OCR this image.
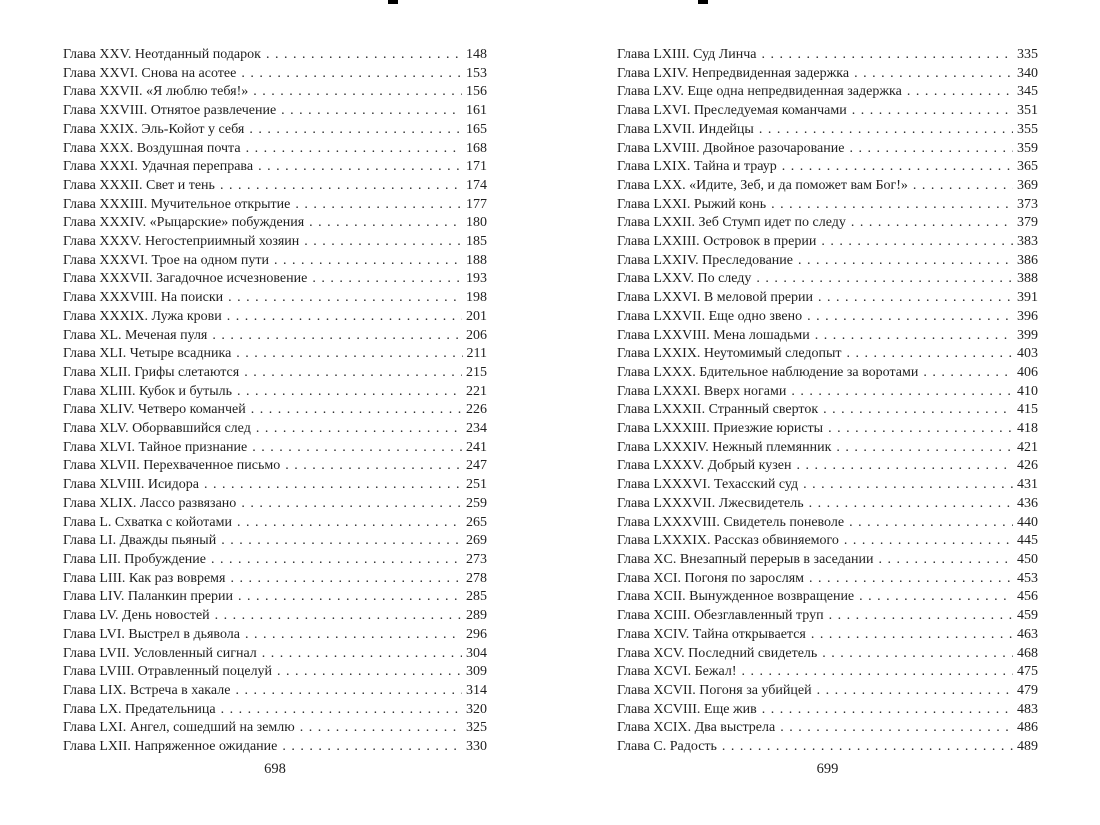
Глава XXV. Неотданный подарок . . .	148
Глава XXVI. Снова на асотее . . .	153
Глава XXVII. «Я люблю тебя!» . . .	156
Глава XXVIII. Отнятое развлечение . . .	161
Глава XXIX. Эль-Койот у себя . . .	165
Глава XXX. Воздушная почта . . .	168
Глава XXXI. Удачная переправа . . .	171
Глава XXXII. Свет и тень . . .	174
Глава XXXIII. Мучительное открытие . . .	177
Глава XXXIV. «Рыцарские» побуждения . . .	180
Глава XXXV. Негостеприимный хозяин . . .	185
Глава XXXVI. Трое на одном пути . . .	188
Глава XXXVII. Загадочное исчезновение . . .	193
Глава XXXVIII. На поиски . . .	198
Глава XXXIX. Лужа крови . . .	201
Глава XL. Меченая пуля . . .	206
Глава XLI. Четыре всадника . . .	211
Глава XLII. Грифы слетаются . . .	215
Глава XLIII. Кубок и бутыль . . .	221
Глава XLIV. Четверо команчей . . .	226
Глава XLV. Оборвавшийся след . . .	234
Глава XLVI. Тайное признание . . .	241
Глава XLVII. Перехваченное письмо . . .	247
Глава XLVIII. Исидора . . .	251
Глава XLIX. Лассо развязано . . .	259
Глава L. Схватка с койотами . . .	265
Глава LI. Дважды пьяный . . .	269
Глава LII. Пробуждение . . .	273
Глава LIII. Как раз вовремя . . .	278
Глава LIV. Паланкин прерии . . .	285
Глава LV. День новостей . . .	289
Глава LVI. Выстрел в дьявола . . .	296
Глава LVII. Условленный сигнал . . .	304
Глава LVIII. Отравленный поцелуй . . .	309
Глава LIX. Встреча в хакале . . .	314
Глава LX. Предательница . . .	320
Глава LXI. Ангел, сошедший на землю . . .	325
Глава LXII. Напряженное ожидание . . .	330
698
Глава LXIII. Суд Линча . . .	335
Глава LXIV. Непредвиденная задержка . . .	340
Глава LXV. Еще одна непредвиденная задержка . . .	345
Глава LXVI. Преследуемая команчами . . .	351
Глава LXVII. Индейцы . . .	355
Глава LXVIII. Двойное разочарование . . .	359
Глава LXIX. Тайна и траур . . .	365
Глава LXX. «Идите, Зеб, и да поможет вам Бог!» . . .	369
Глава LXXI. Рыжий конь . . .	373
Глава LXXII. Зеб Стумп идет по следу . . .	379
Глава LXXIII. Островок в прерии . . .	383
Глава LXXIV. Преследование . . .	386
Глава LXXV. По следу . . .	388
Глава LXXVI. В меловой прерии . . .	391
Глава LXXVII. Еще одно звено . . .	396
Глава LXXVIII. Мена лошадьми . . .	399
Глава LXXIX. Неутомимый следопыт . . .	403
Глава LXXX. Бдительное наблюдение за воротами . . .	406
Глава LXXXI. Вверх ногами . . .	410
Глава LXXXII. Странный сверток . . .	415
Глава LXXXIII. Приезжие юристы . . .	418
Глава LXXXIV. Нежный племянник . . .	421
Глава LXXXV. Добрый кузен . . .	426
Глава LXXXVI. Техасский суд . . .	431
Глава LXXXVII. Лжесвидетель . . .	436
Глава LXXXVIII. Свидетель поневоле . . .	440
Глава LXXXIX. Рассказ обвиняемого . . .	445
Глава XC. Внезапный перерыв в заседании . . .	450
Глава XCI. Погоня по зарослям . . .	453
Глава XCII. Вынужденное возвращение . . .	456
Глава XCIII. Обезглавленный труп . . .	459
Глава XCIV. Тайна открывается . . .	463
Глава XCV. Последний свидетель . . .	468
Глава XCVI. Бежал! . . .	475
Глава XCVII. Погоня за убийцей . . .	479
Глава XCVIII. Еще жив . . .	483
Глава XCIX. Два выстрела . . .	486
Глава C. Радость . . .	489
699
